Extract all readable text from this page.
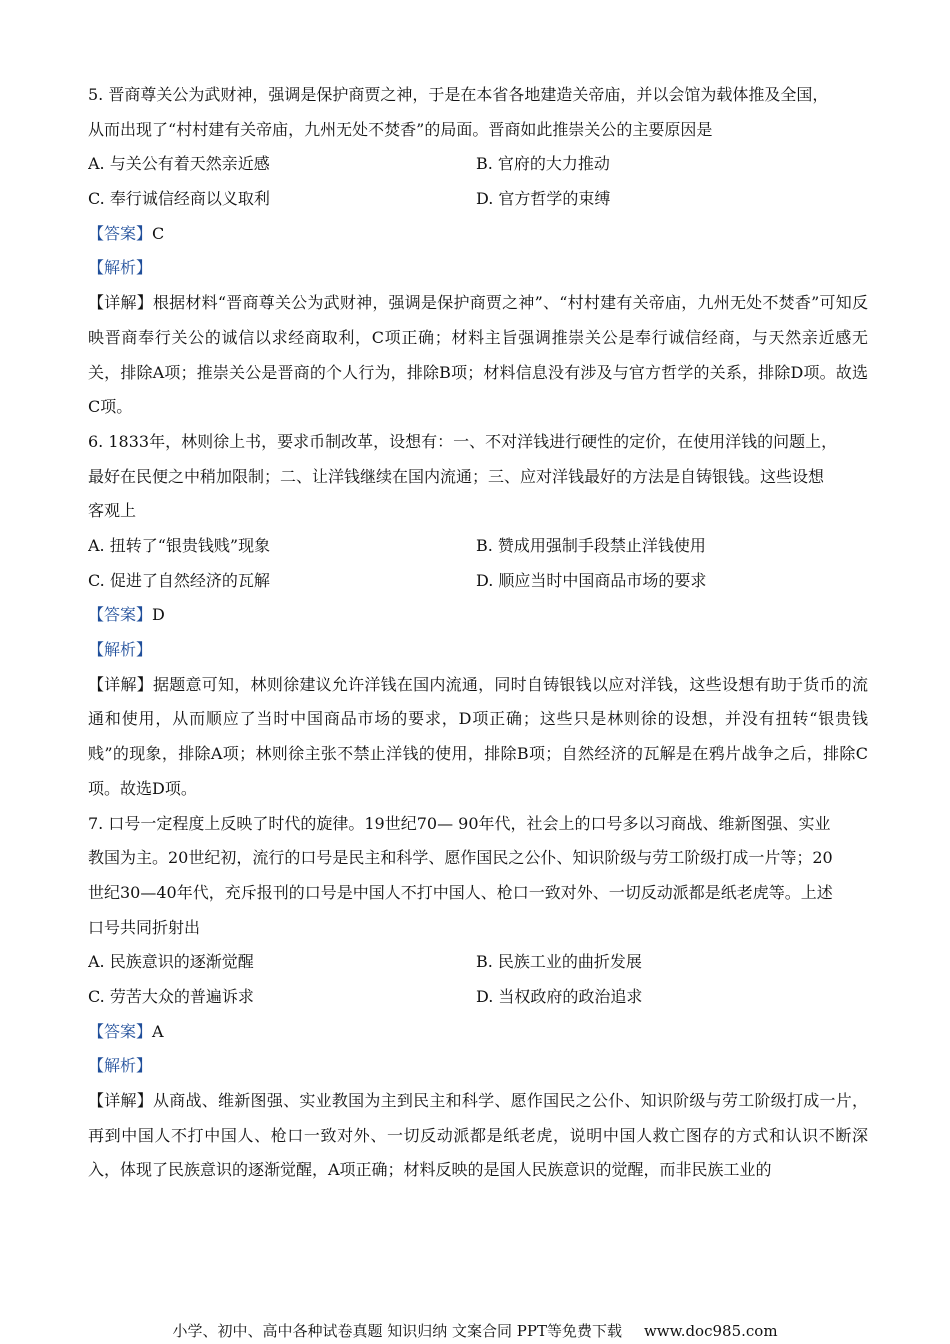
5. 晋商尊关公为武财神，强调是保护商贾之神，于是在本省各地建造关帝庙，并以会馆为载体推及全国，
从而出现了“村村建有关帝庙，九州无处不焚香”的局面。晋商如此推崇关公的主要原因是
A. 与关公有着天然亲近感	B. 官府的大力推动
C. 奉行诚信经商以义取利	D. 官方哲学的束缚
【答案】C
【解析】
【详解】根据材料“晋商尊关公为武财神，强调是保护商贾之神”、“村村建有关帝庙，九州无处不焚香”可知反映晋商奉行关公的诚信以求经商取利，C项正确；材料主旨强调推崇关公是奉行诚信经商，与天然亲近感无关，排除A项；推崇关公是晋商的个人行为，排除B项；材料信息没有涉及与官方哲学的关系，排除D项。故选C项。
6. 1833年，林则徐上书，要求币制改革，设想有：一、不对洋钱进行硬性的定价，在使用洋钱的问题上，
最好在民便之中稍加限制；二、让洋钱继续在国内流通；三、应对洋钱最好的方法是自铸银钱。这些设想
客观上
A. 扭转了“银贵钱贱”现象	B. 赞成用强制手段禁止洋钱使用
C. 促进了自然经济的瓦解	D. 顺应当时中国商品市场的要求
【答案】D
【解析】
【详解】据题意可知，林则徐建议允许洋钱在国内流通，同时自铸银钱以应对洋钱，这些设想有助于货币的流通和使用，从而顺应了当时中国商品市场的要求，D项正确；这些只是林则徐的设想，并没有扭转“银贵钱贱”的现象，排除A项；林则徐主张不禁止洋钱的使用，排除B项；自然经济的瓦解是在鸦片战争之后，排除C项。故选D项。
7. 口号一定程度上反映了时代的旋律。19世纪70— 90年代，社会上的口号多以习商战、维新图强、实业
教国为主。20世纪初，流行的口号是民主和科学、愿作国民之公仆、知识阶级与劳工阶级打成一片等；20
世纪30—40年代，充斥报刊的口号是中国人不打中国人、枪口一致对外、一切反动派都是纸老虎等。上述
口号共同折射出
A. 民族意识的逐渐觉醒	B. 民族工业的曲折发展
C. 劳苦大众的普遍诉求	D. 当权政府的政治追求
【答案】A
【解析】
【详解】从商战、维新图强、实业教国为主到民主和科学、愿作国民之公仆、知识阶级与劳工阶级打成一片，再到中国人不打中国人、枪口一致对外、一切反动派都是纸老虎，说明中国人救亡图存的方式和认识不断深入，体现了民族意识的逐渐觉醒，A项正确；材料反映的是国人民族意识的觉醒，而非民族工业的
小学、初中、高中各种试卷真题 知识归纳 文案合同 PPT等免费下载 www.doc985.com
